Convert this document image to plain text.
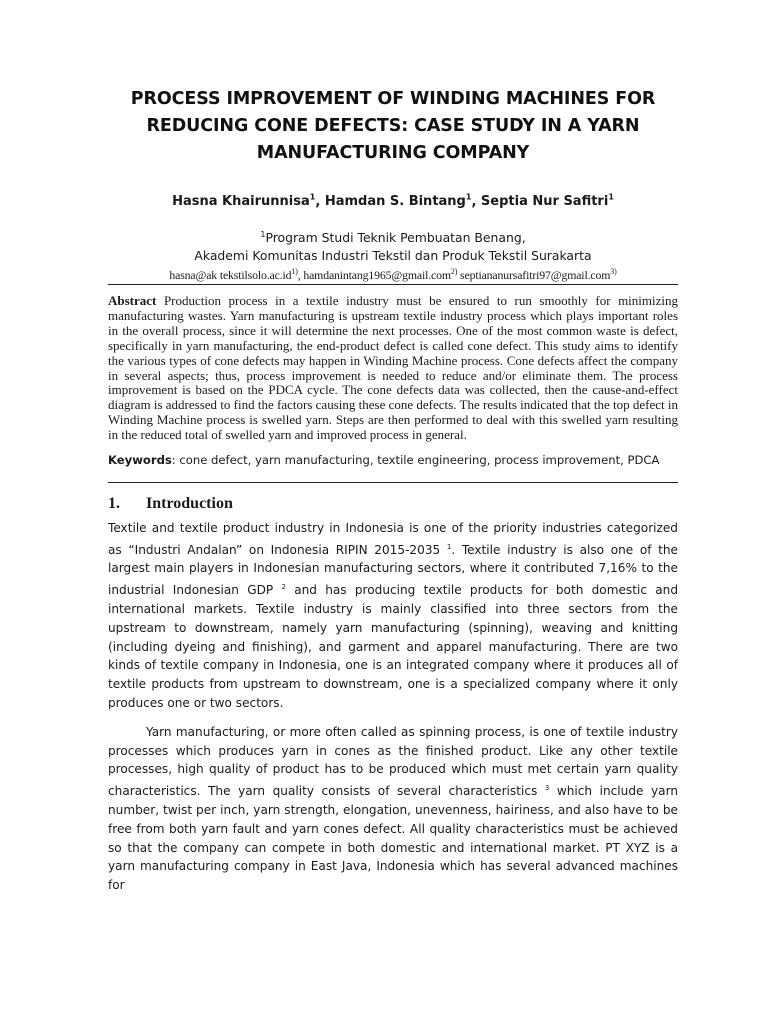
PROCESS IMPROVEMENT OF WINDING MACHINES FOR
REDUCING CONE DEFECTS: CASE STUDY IN A YARN
MANUFACTURING COMPANY
Hasna Khairunnisa$^1$, Hamdan S. Bintang$^1$, Septia Nur Safitri$^1$
$^1$Program Studi Teknik Pembuatan Benang,
Akademi Komunitas Industri Tekstil dan Produk Tekstil Surakarta
hasna@ak $tekstilsolo.ac.id^{1)}$, hamdanintang1965@gmail.com$^{2)}$ septiananursafitri97@gmail.com$^{3)}$
Abstract Production process in a textile industry must be ensured to run smoothly for minimizing manufacturing wastes. Yarn manufacturing is upstream textile industry process which plays important roles in the overall process, since it will determine the next processes. One of the most common waste is defect, specifically in yarn manufacturing, the end-product defect is called cone defect. This study aims to identify the various types of cone defects may happen in Winding Machine process. Cone defects affect the company in several aspects; thus, process improvement is needed to reduce and/or eliminate them. The process improvement is based on the PDCA cycle. The cone defects data was collected, then the cause-and-effect diagram is addressed to find the factors causing these cone defects. The results indicated that the top defect in Winding Machine process is swelled yarn. Steps are then performed to deal with this swelled yarn resulting in the reduced total of swelled yarn and improved process in general.
Keywords: cone defect, yarn manufacturing, textile engineering, process improvement, PDCA
1.	Introduction

Textile and textile product industry in Indonesia is one of the priority industries categorized as “Industri Andalan” on Indonesia RIPIN 2015-2035 $^1$. Textile industry is also one of the largest main players in Indonesian manufacturing sectors, where it contributed 7,16% to the industrial Indonesian GDP $^2$ and has producing textile products for both domestic and international markets. Textile industry is mainly classified into three sectors from the upstream to downstream, namely yarn manufacturing (spinning), weaving and knitting (including dyeing and finishing), and garment and apparel manufacturing. There are two kinds of textile company in Indonesia, one is an integrated company where it produces all of textile products from upstream to downstream, one is a specialized company where it only produces one or two sectors.

Yarn manufacturing, or more often called as spinning process, is one of textile industry processes which produces yarn in cones as the finished product. Like any other textile processes, high quality of product has to be produced which must met certain yarn quality characteristics. The yarn quality consists of several characteristics $^3$ which include yarn number, twist per inch, yarn strength, elongation, unevenness, hairiness, and also have to be free from both yarn fault and yarn cones defect. All quality characteristics must be achieved so that the company can compete in both domestic and international market. PT XYZ is a yarn manufacturing company in East Java, Indonesia which has several advanced machines for
